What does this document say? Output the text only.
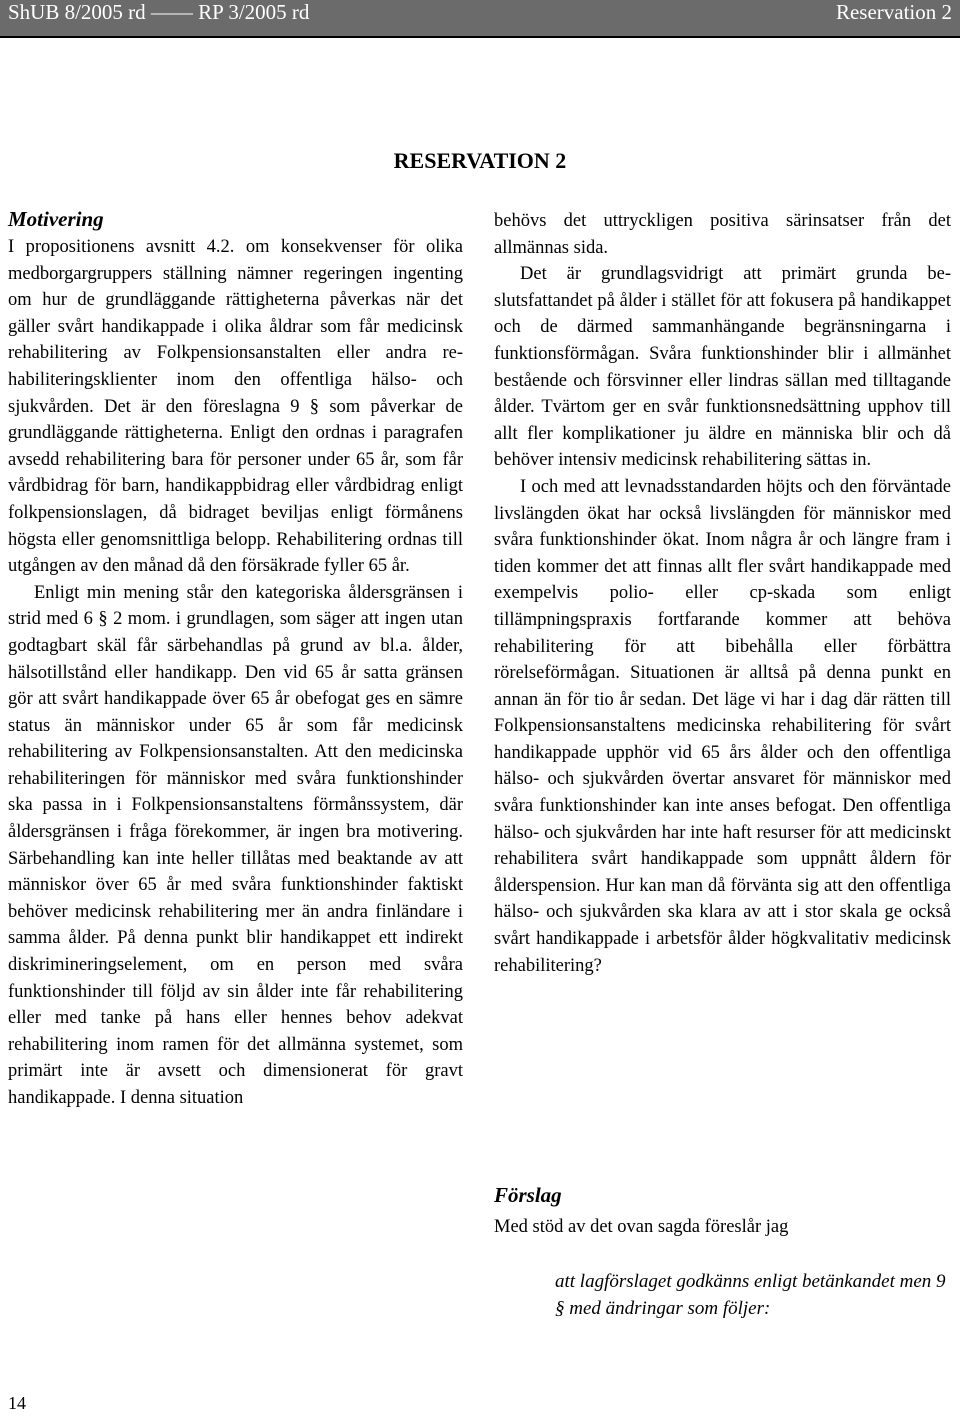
ShUB 8/2005 rd —— RP 3/2005 rd	Reservation 2
RESERVATION 2
Motivering

I propositionens avsnitt 4.2. om konsekvenser för olika medborgargruppers ställning nämner regeringen ingenting om hur de grundläggande rättigheterna påverkas när det gäller svårt handikappade i olika åldrar som får medicinsk rehabilitering av Folkpensionsanstalten eller andra rehabiliteringsklienter inom den offentliga hälso- och sjukvården. Det är den föreslagna 9 § som påverkar de grundläggande rättigheterna. Enligt den ordnas i paragrafen avsedd rehabilitering bara för personer under 65 år, som får vårdbidrag för barn, handikappbidrag eller vårdbidrag enligt folkpensionslagen, då bidraget beviljas enligt förmånens högsta eller genomsnittliga belopp. Rehabilitering ordnas till utgången av den månad då den försäkrade fyller 65 år.

Enligt min mening står den kategoriska åldersgränsen i strid med 6 § 2 mom. i grundlagen, som säger att ingen utan godtagbart skäl får särbehandlas på grund av bl.a. ålder, hälsotillstånd eller handikapp. Den vid 65 år satta gränsen gör att svårt handikappade över 65 år obefogat ges en sämre status än människor under 65 år som får medicinsk rehabilitering av Folkpensionsanstalten. Att den medicinska rehabiliteringen för människor med svåra funktionshinder ska passa in i Folkpensionsanstaltens förmånssystem, där åldersgränsen i fråga förekommer, är ingen bra motivering. Särbehandling kan inte heller tillåtas med beaktande av att människor över 65 år med svåra funktionshinder faktiskt behöver medicinsk rehabilitering mer än andra finländare i samma ålder. På denna punkt blir handikappet ett indirekt diskrimineringselement, om en person med svåra funktionshinder till följd av sin ålder inte får rehabilitering eller med tanke på hans eller hennes behov adekvat rehabilitering inom ramen för det allmänna systemet, som primärt inte är avsett och dimensionerat för gravt handikappade. I denna situation

behövs det uttryckligen positiva särinsatser från det allmännas sida.

Det är grundlagsvidrigt att primärt grunda beslutsfattandet på ålder i stället för att fokusera på handikappet och de därmed sammanhängande begränsningarna i funktionsförmågan. Svåra funktionshinder blir i allmänhet bestående och försvinner eller lindras sällan med tilltagande ålder. Tvärtom ger en svår funktionsnedsättning upphov till allt fler komplikationer ju äldre en människa blir och då behöver intensiv medicinsk rehabilitering sättas in.

I och med att levnadsstandarden höjts och den förväntade livslängden ökat har också livslängden för människor med svåra funktionshinder ökat. Inom några år och längre fram i tiden kommer det att finnas allt fler svårt handikappade med exempelvis polio- eller cp-skada som enligt tillämpningspraxis fortfarande kommer att behöva rehabilitering för att bibehålla eller förbättra rörelseförmågan. Situationen är alltså på denna punkt en annan än för tio år sedan. Det läge vi har i dag där rätten till Folkpensionsanstaltens medicinska rehabilitering för svårt handikappade upphör vid 65 års ålder och den offentliga hälso- och sjukvården övertar ansvaret för människor med svåra funktionshinder kan inte anses befogat. Den offentliga hälso- och sjukvården har inte haft resurser för att medicinskt rehabilitera svårt handikappade som uppnått åldern för ålderspension. Hur kan man då förvänta sig att den offentliga hälso- och sjukvården ska klara av att i stor skala ge också svårt handikappade i arbetsför ålder högkvalitativ medicinsk rehabilitering?

Förslag

Med stöd av det ovan sagda föreslår jag

att lagförslaget godkänns enligt betänkandet men 9 § med ändringar som följer:
14
